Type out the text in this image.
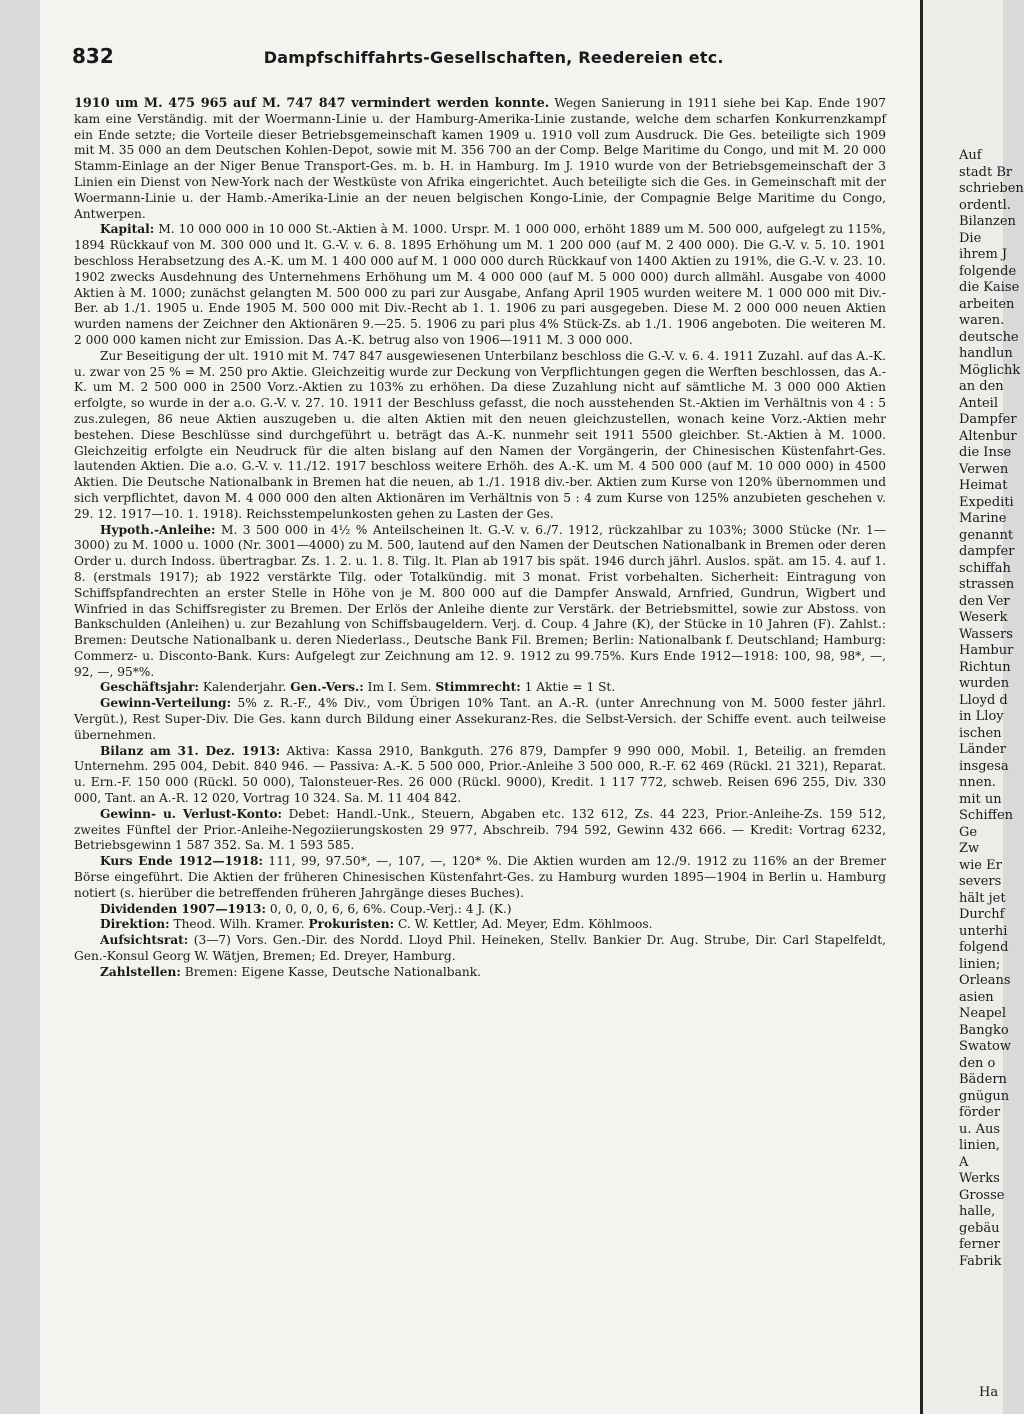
832	Dampfschiffahrts-Gesellschaften, Reedereien etc.

1910 um M. 475 965 auf M. 747 847 vermindert werden konnte. Wegen Sanierung in 1911 siehe bei Kap. Ende 1907 kam eine Verständig. mit der Woermann-Linie u. der Hamburg-Amerika-Linie zustande, welche dem scharfen Konkurrenzkampf ein Ende setzte; die Vorteile dieser Betriebsgemeinschaft kamen 1909 u. 1910 voll zum Ausdruck. Die Ges. beteiligte sich 1909 mit M. 35 000 an dem Deutschen Kohlen-Depot, sowie mit M. 356 700 an der Comp. Belge Maritime du Congo, und mit M. 20 000 Stamm-Einlage an der Niger Benue Transport-Ges. m. b. H. in Hamburg. Im J. 1910 wurde von der Betriebsgemeinschaft der 3 Linien ein Dienst von New-York nach der Westküste von Afrika eingerichtet. Auch beteiligte sich die Ges. in Gemeinschaft mit der Woermann-Linie u. der Hamb.-Amerika-Linie an der neuen belgischen Kongo-Linie, der Compagnie Belge Maritime du Congo, Antwerpen.

Kapital: M. 10 000 000 in 10 000 St.-Aktien à M. 1000. Urspr. M. 1 000 000, erhöht 1889 um M. 500 000, aufgelegt zu 115%, 1894 Rückkauf von M. 300 000 und lt. G.-V. v. 6. 8. 1895 Erhöhung um M. 1 200 000 (auf M. 2 400 000). Die G.-V. v. 5. 10. 1901 beschloss Herabsetzung des A.-K. um M. 1 400 000 auf M. 1 000 000 durch Rückkauf von 1400 Aktien zu 191%, die G.-V. v. 23. 10. 1902 zwecks Ausdehnung des Unternehmens Erhöhung um M. 4 000 000 (auf M. 5 000 000) durch allmähl. Ausgabe von 4000 Aktien à M. 1000; zunächst gelangten M. 500 000 zu pari zur Ausgabe, Anfang April 1905 wurden weitere M. 1 000 000 mit Div.-Ber. ab 1./1. 1905 u. Ende 1905 M. 500 000 mit Div.-Recht ab 1. 1. 1906 zu pari ausgegeben. Diese M. 2 000 000 neuen Aktien wurden namens der Zeichner den Aktionären 9.—25. 5. 1906 zu pari plus 4% Stück-Zs. ab 1./1. 1906 angeboten. Die weiteren M. 2 000 000 kamen nicht zur Emission. Das A.-K. betrug also von 1906—1911 M. 3 000 000.

Zur Beseitigung der ult. 1910 mit M. 747 847 ausgewiesenen Unterbilanz beschloss die G.-V. v. 6. 4. 1911 Zuzahl. auf das A.-K. u. zwar von 25 % = M. 250 pro Aktie. Gleichzeitig wurde zur Deckung von Verpflichtungen gegen die Werften beschlossen, das A.-K. um M. 2 500 000 in 2500 Vorz.-Aktien zu 103% zu erhöhen. Da diese Zuzahlung nicht auf sämtliche M. 3 000 000 Aktien erfolgte, so wurde in der a.o. G.-V. v. 27. 10. 1911 der Beschluss gefasst, die noch ausstehenden St.-Aktien im Verhältnis von 4 : 5 zus.zulegen, 86 neue Aktien auszugeben u. die alten Aktien mit den neuen gleichzustellen, wonach keine Vorz.-Aktien mehr bestehen. Diese Beschlüsse sind durchgeführt u. beträgt das A.-K. nunmehr seit 1911 5500 gleichber. St.-Aktien à M. 1000. Gleichzeitig erfolgte ein Neudruck für die alten bislang auf den Namen der Vorgängerin, der Chinesischen Küstenfahrt-Ges. lautenden Aktien. Die a.o. G.-V. v. 11./12. 1917 beschloss weitere Erhöh. des A.-K. um M. 4 500 000 (auf M. 10 000 000) in 4500 Aktien. Die Deutsche Nationalbank in Bremen hat die neuen, ab 1./1. 1918 div.-ber. Aktien zum Kurse von 120% übernommen und sich verpflichtet, davon M. 4 000 000 den alten Aktionären im Verhältnis von 5 : 4 zum Kurse von 125% anzubieten geschehen v. 29. 12. 1917—10. 1. 1918). Reichsstempelunkosten gehen zu Lasten der Ges.

Hypoth.-Anleihe: M. 3 500 000 in 4½ % Anteilscheinen lt. G.-V. v. 6./7. 1912, rückzahlbar zu 103%; 3000 Stücke (Nr. 1—3000) zu M. 1000 u. 1000 (Nr. 3001—4000) zu M. 500, lautend auf den Namen der Deutschen Nationalbank in Bremen oder deren Order u. durch Indoss. übertragbar. Zs. 1. 2. u. 1. 8. Tilg. lt. Plan ab 1917 bis spät. 1946 durch jährl. Auslos. spät. am 15. 4. auf 1. 8. (erstmals 1917); ab 1922 verstärkte Tilg. oder Totalkündig. mit 3 monat. Frist vorbehalten. Sicherheit: Eintragung von Schiffspfandrechten an erster Stelle in Höhe von je M. 800 000 auf die Dampfer Answald, Arnfried, Gundrun, Wigbert und Winfried in das Schiffsregister zu Bremen. Der Erlös der Anleihe diente zur Verstärk. der Betriebsmittel, sowie zur Abstoss. von Bankschulden (Anleihen) u. zur Bezahlung von Schiffsbaugeldern. Verj. d. Coup. 4 Jahre (K), der Stücke in 10 Jahren (F). Zahlst.: Bremen: Deutsche Nationalbank u. deren Niederlass., Deutsche Bank Fil. Bremen; Berlin: Nationalbank f. Deutschland; Hamburg: Commerz- u. Disconto-Bank. Kurs: Aufgelegt zur Zeichnung am 12. 9. 1912 zu 99.75%. Kurs Ende 1912—1918: 100, 98, 98*, —, 92, —, 95*%.

Geschäftsjahr: Kalenderjahr. Gen.-Vers.: Im I. Sem. Stimmrecht: 1 Aktie = 1 St.

Gewinn-Verteilung: 5% z. R.-F., 4% Div., vom Übrigen 10% Tant. an A.-R. (unter Anrechnung von M. 5000 fester jährl. Vergüt.), Rest Super-Div. Die Ges. kann durch Bildung einer Assekuranz-Res. die Selbst-Versich. der Schiffe event. auch teilweise übernehmen.

Bilanz am 31. Dez. 1913: Aktiva: Kassa 2910, Bankguth. 276 879, Dampfer 9 990 000, Mobil. 1, Beteilig. an fremden Unternehm. 295 004, Debit. 840 946. — Passiva: A.-K. 5 500 000, Prior.-Anleihe 3 500 000, R.-F. 62 469 (Rückl. 21 321), Reparat. u. Ern.-F. 150 000 (Rückl. 50 000), Talonsteuer-Res. 26 000 (Rückl. 9000), Kredit. 1 117 772, schweb. Reisen 696 255, Div. 330 000, Tant. an A.-R. 12 020, Vortrag 10 324. Sa. M. 11 404 842.

Gewinn- u. Verlust-Konto: Debet: Handl.-Unk., Steuern, Abgaben etc. 132 612, Zs. 44 223, Prior.-Anleihe-Zs. 159 512, zweites Fünftel der Prior.-Anleihe-Negoziierungskosten 29 977, Abschreib. 794 592, Gewinn 432 666. — Kredit: Vortrag 6232, Betriebsgewinn 1 587 352. Sa. M. 1 593 585.

Kurs Ende 1912—1918: 111, 99, 97.50*, —, 107, —, 120* %. Die Aktien wurden am 12./9. 1912 zu 116% an der Bremer Börse eingeführt. Die Aktien der früheren Chinesischen Küstenfahrt-Ges. zu Hamburg wurden 1895—1904 in Berlin u. Hamburg notiert (s. hierüber die betreffenden früheren Jahrgänge dieses Buches).

Dividenden 1907—1913: 0, 0, 0, 0, 6, 6, 6%. Coup.-Verj.: 4 J. (K.)

Direktion: Theod. Wilh. Kramer. Prokuristen: C. W. Kettler, Ad. Meyer, Edm. Köhlmoos.

Aufsichtsrat: (3—7) Vors. Gen.-Dir. des Nordd. Lloyd Phil. Heineken, Stellv. Bankier Dr. Aug. Strube, Dir. Carl Stapelfeldt, Gen.-Konsul Georg W. Wätjen, Bremen; Ed. Dreyer, Hamburg.

Zahlstellen: Bremen: Eigene Kasse, Deutsche Nationalbank.

Auf
stadt Br
schrieben
ordentl.
Bilanzen
Die
ihrem J
folgende
die Kaise
arbeiten
waren.
deutsche
handlun
Möglichk
an den
Anteil
Dampfer
Altenbur
die Inse
Verwen
Heimat
Expediti
Marine
genannt
dampfer
schiffah
strassen
den Ver
Weserk
Wassers
Hambur
Richtun
wurden
Lloyd d
in Lloy
ischen
Länder
insgesa
nnen.
mit un
Schiffen
Ge
Zw
wie Er
severs
hält jet
Durchf
unterhi
folgend
linien;
Orleans
asien
Neapel
Bangko
Swatow
den o
Bädern
gnügun
förder
u. Aus
linien,
A
Werks
Grosse
halle,
gebäu
ferner
Fabrik
Ha
